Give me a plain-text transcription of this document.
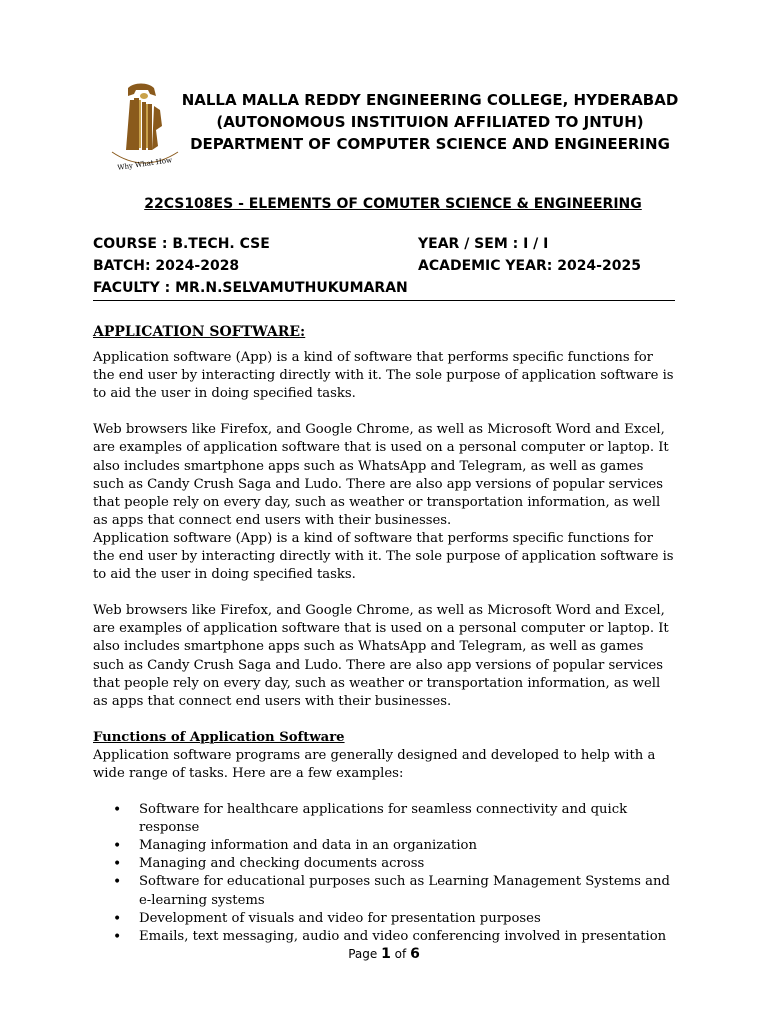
Why What How
NALLA MALLA REDDY ENGINEERING COLLEGE, HYDERABAD
(AUTONOMOUS INSTITUION AFFILIATED TO JNTUH)
DEPARTMENT OF COMPUTER SCIENCE AND ENGINEERING
22CS108ES - ELEMENTS OF COMUTER SCIENCE & ENGINEERING
COURSE : B.TECH. CSE	YEAR / SEM : I / I
BATCH: 2024-2028	ACADEMIC YEAR: 2024-2025
FACULTY : MR.N.SELVAMUTHUKUMARAN
APPLICATION SOFTWARE:

Application software (App) is a kind of software that performs specific functions for the end user by interacting directly with it. The sole purpose of application software is to aid the user in doing specified tasks.

Web browsers like Firefox, and Google Chrome, as well as Microsoft Word and Excel, are examples of application software that is used on a personal computer or laptop. It also includes smartphone apps such as WhatsApp and Telegram, as well as games such as Candy Crush Saga and Ludo. There are also app versions of popular services that people rely on every day, such as weather or transportation information, as well as apps that connect end users with their businesses.

Application software (App) is a kind of software that performs specific functions for the end user by interacting directly with it. The sole purpose of application software is to aid the user in doing specified tasks.

Web browsers like Firefox, and Google Chrome, as well as Microsoft Word and Excel, are examples of application software that is used on a personal computer or laptop. It also includes smartphone apps such as WhatsApp and Telegram, as well as games such as Candy Crush Saga and Ludo. There are also app versions of popular services that people rely on every day, such as weather or transportation information, as well as apps that connect end users with their businesses.

Functions of Application Software

Application software programs are generally designed and developed to help with a wide range of tasks. Here are a few examples:

• Software for healthcare applications for seamless connectivity and quick response
• Managing information and data in an organization
• Managing and checking documents across
• Software for educational purposes such as Learning Management Systems and e-learning systems
• Development of visuals and video for presentation purposes
• Emails, text messaging, audio and video conferencing involved in presentation
Page 1 of 6
